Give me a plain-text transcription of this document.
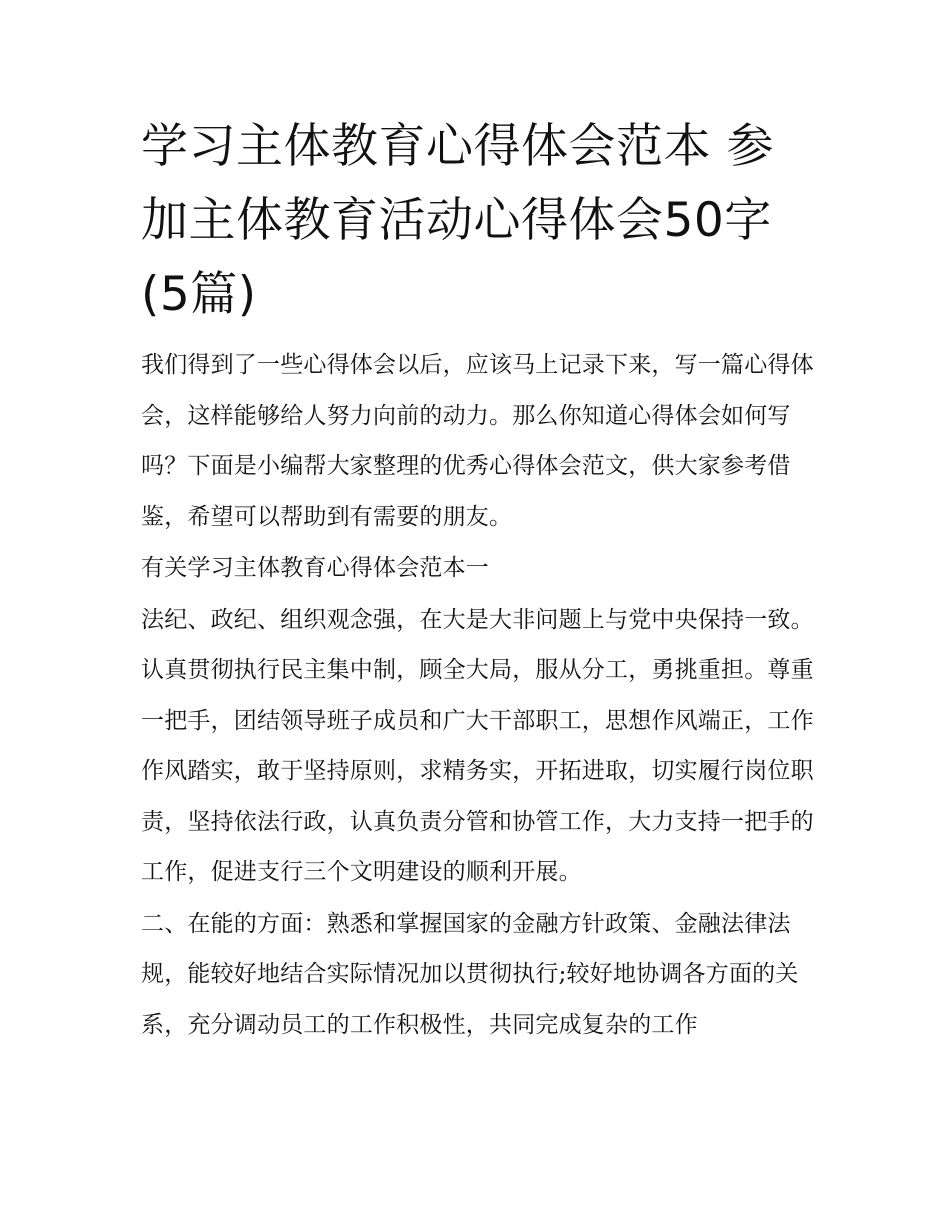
学习主体教育心得体会范本 参加主体教育活动心得体会50字(5篇)

我们得到了一些心得体会以后，应该马上记录下来，写一篇心得体会，这样能够给人努力向前的动力。那么你知道心得体会如何写吗？下面是小编帮大家整理的优秀心得体会范文，供大家参考借鉴，希望可以帮助到有需要的朋友。

有关学习主体教育心得体会范本一

法纪、政纪、组织观念强，在大是大非问题上与党中央保持一致。认真贯彻执行民主集中制，顾全大局，服从分工，勇挑重担。尊重一把手，团结领导班子成员和广大干部职工，思想作风端正，工作作风踏实，敢于坚持原则，求精务实，开拓进取，切实履行岗位职责，坚持依法行政，认真负责分管和协管工作，大力支持一把手的工作，促进支行三个文明建设的顺利开展。

二、在能的方面：熟悉和掌握国家的金融方针政策、金融法律法规，能较好地结合实际情况加以贯彻执行;较好地协调各方面的关系，充分调动员工的工作积极性，共同完成复杂的工作
